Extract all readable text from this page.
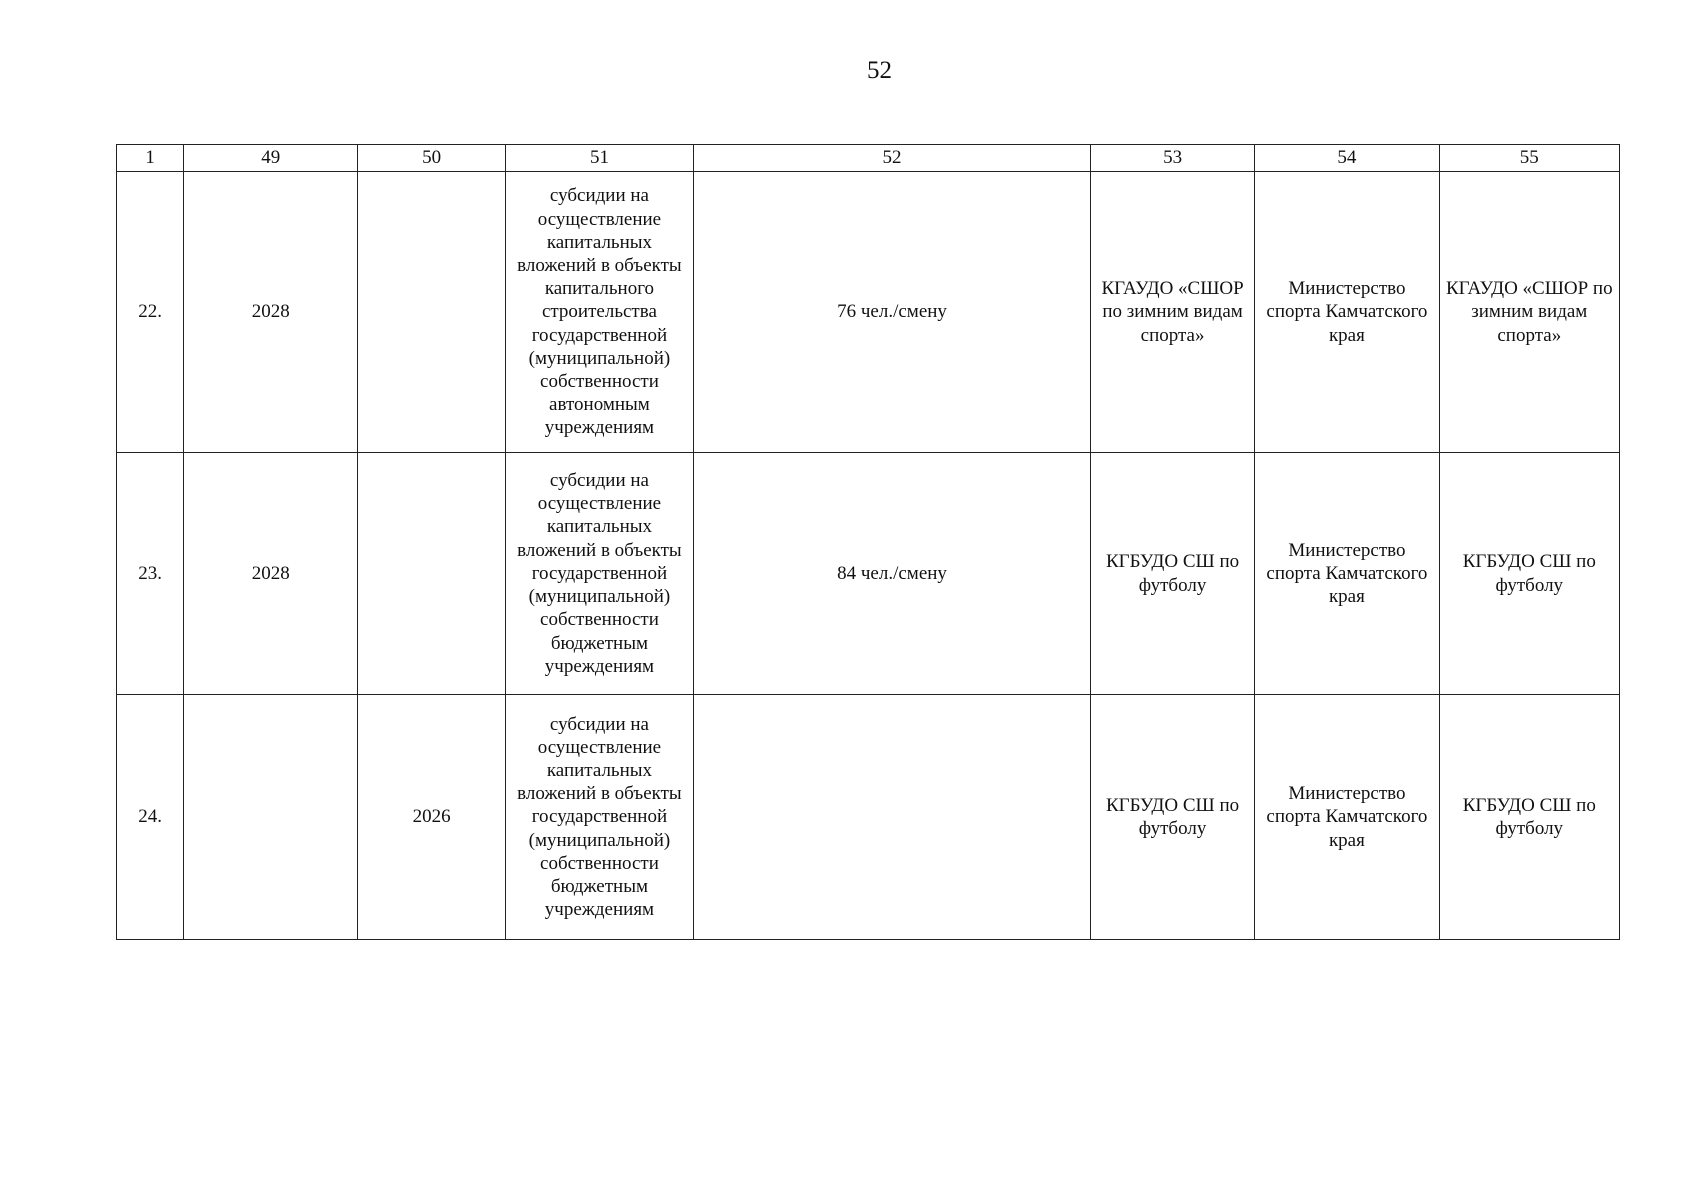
52
1	49	50	51	52	53	54	55
22.	2028		субсидии на осуществление капитальных вложений в объекты капитального строительства государственной (муниципальной) собственности автономным учреждениям	76 чел./смену	КГАУДО «СШОР по зимним видам спорта»	Министерство спорта Камчатского края	КГАУДО «СШОР по зимним видам спорта»
23.	2028		субсидии на осуществление капитальных вложений в объекты государственной (муниципальной) собственности бюджетным учреждениям	84 чел./смену	КГБУДО СШ по футболу	Министерство спорта Камчатского края	КГБУДО СШ по футболу
24.		2026	субсидии на осуществление капитальных вложений в объекты государственной (муниципальной) собственности бюджетным учреждениям		КГБУДО СШ по футболу	Министерство спорта Камчатского края	КГБУДО СШ по футболу
